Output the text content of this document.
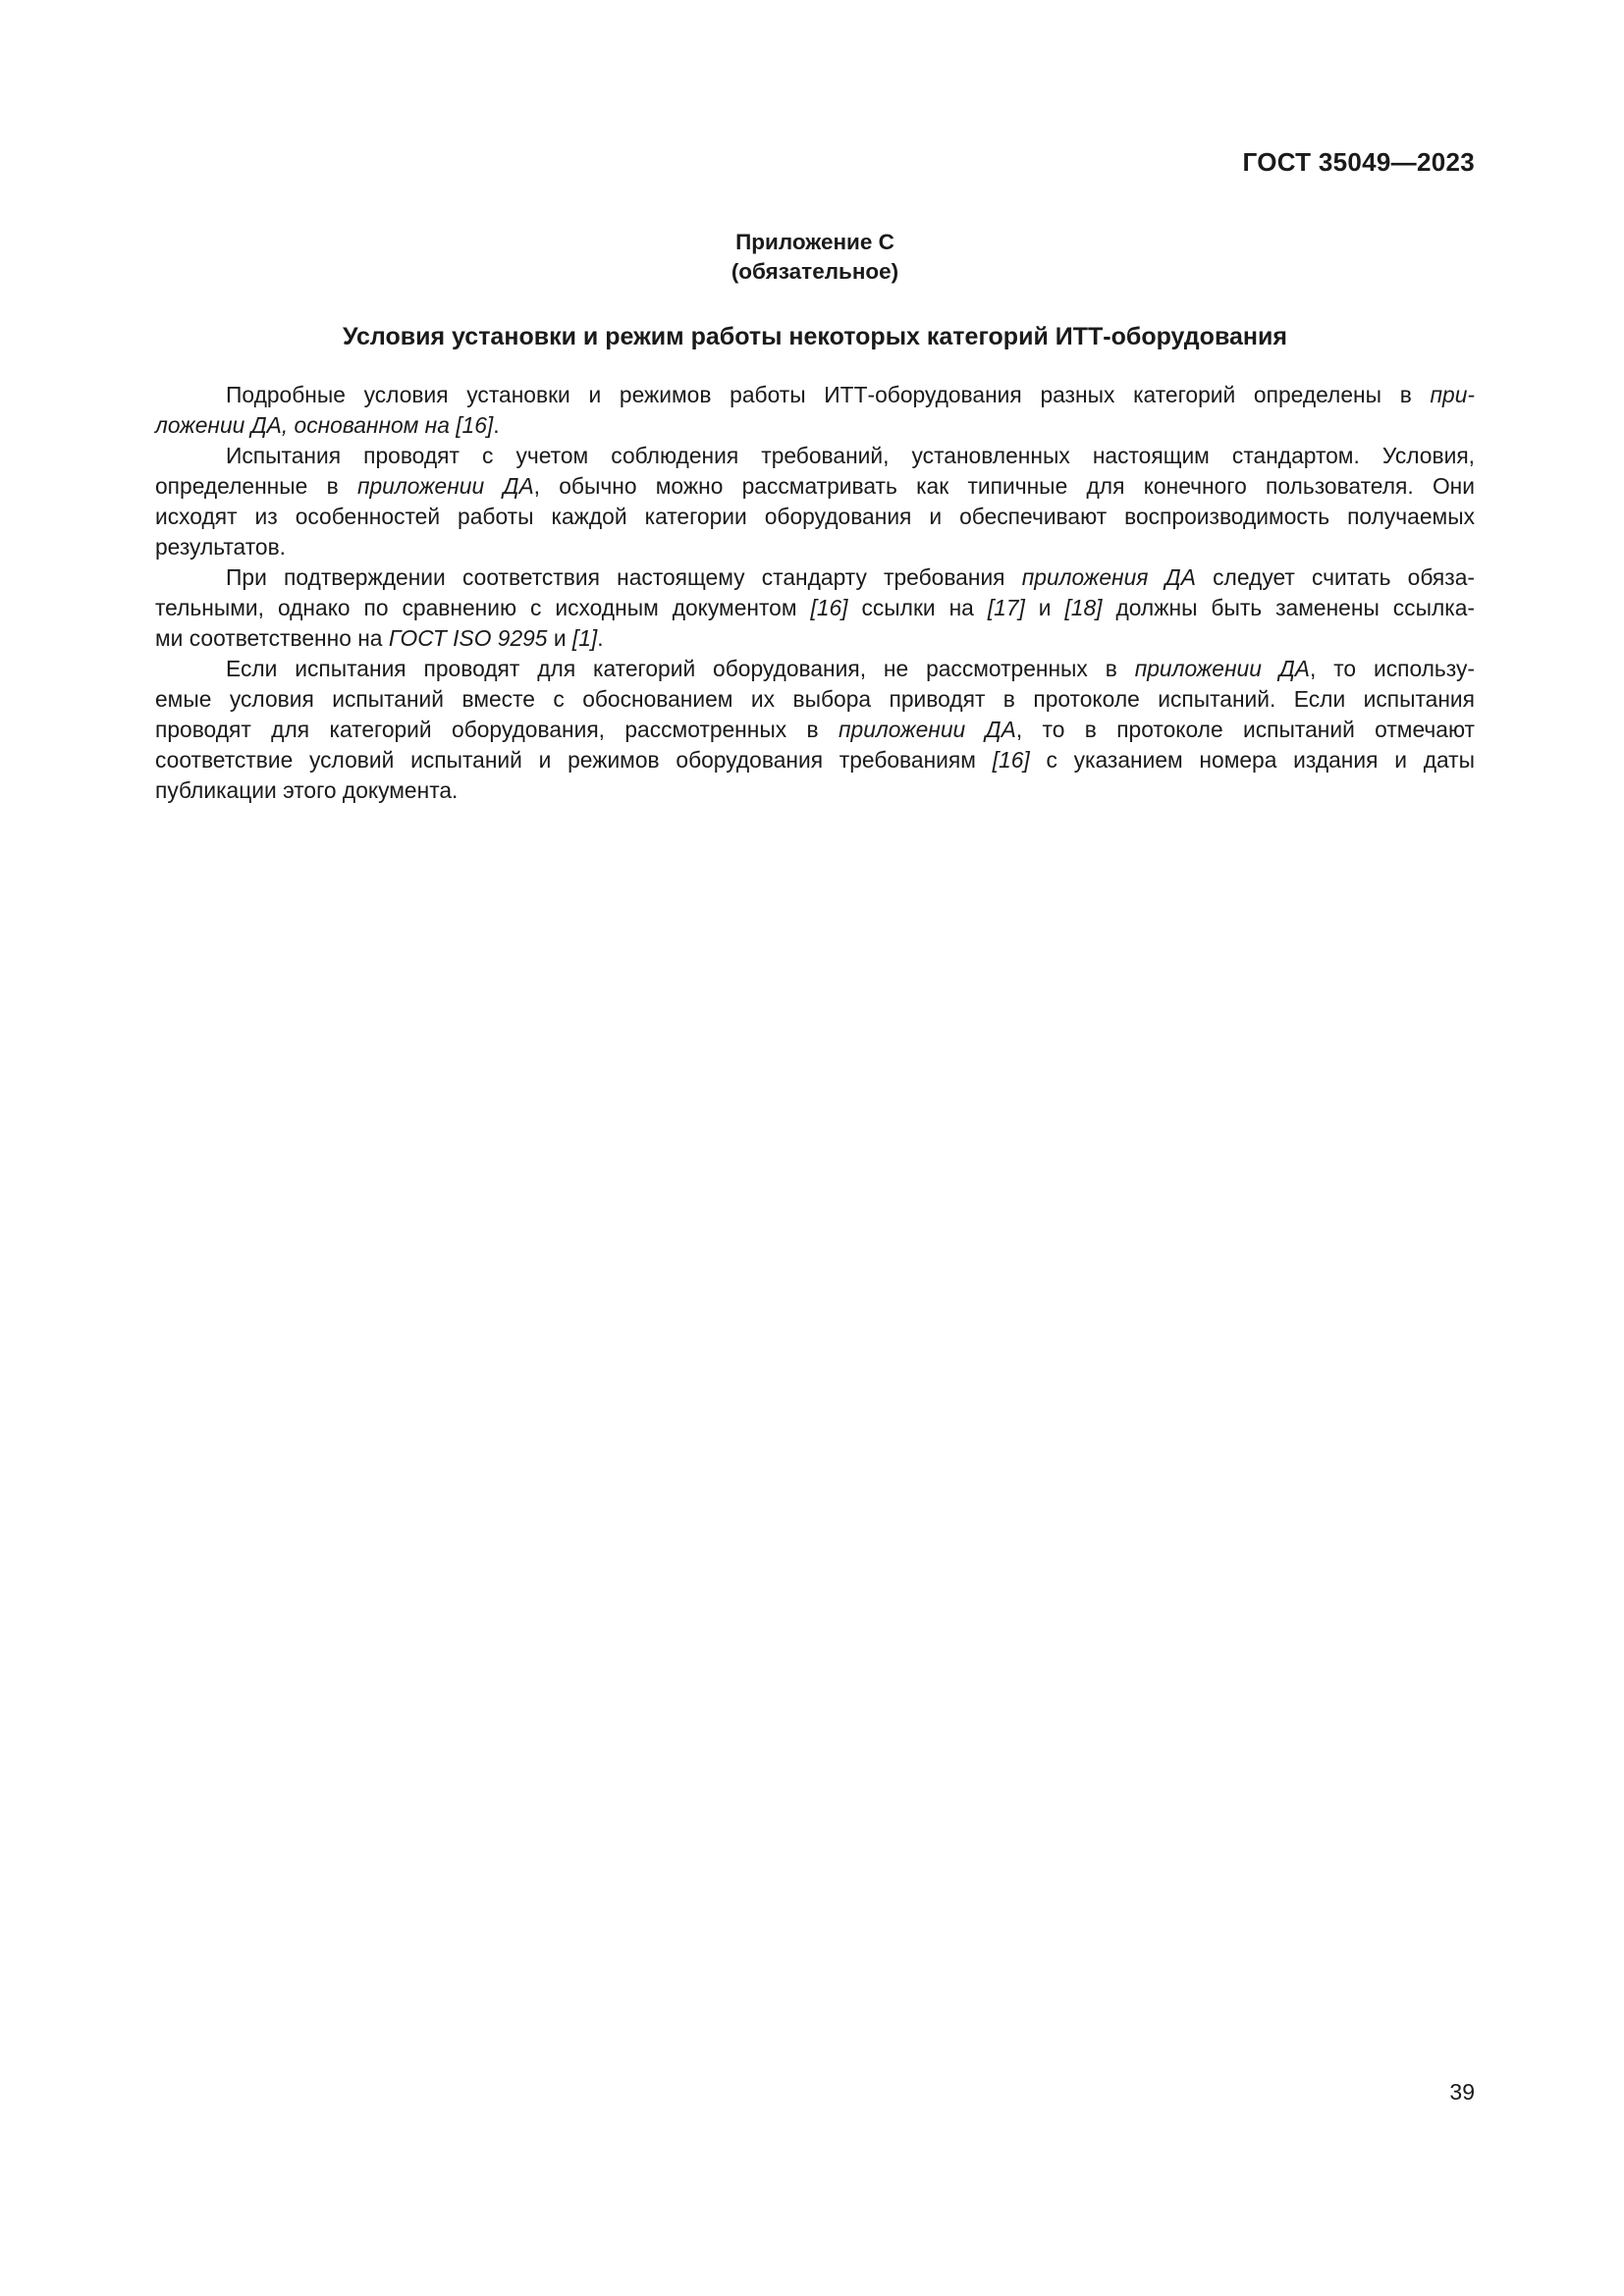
ГОСТ 35049—2023
Приложение С
(обязательное)
Условия установки и режим работы некоторых категорий ИТТ-оборудования
Подробные условия установки и режимов работы ИТТ-оборудования разных категорий определены в при-
ложении ДА, основанном на [16].
Испытания проводят с учетом соблюдения требований, установленных настоящим стандартом. Условия,
определенные в приложении ДА, обычно можно рассматривать как типичные для конечного пользователя. Они
исходят из особенностей работы каждой категории оборудования и обеспечивают воспроизводимость получаемых
результатов.
При подтверждении соответствия настоящему стандарту требования приложения ДА следует считать обяза-
тельными, однако по сравнению с исходным документом [16] ссылки на [17] и [18] должны быть заменены ссылка-
ми соответственно на ГОСТ ISO 9295 и [1].
Если испытания проводят для категорий оборудования, не рассмотренных в приложении ДА, то использу-
емые условия испытаний вместе с обоснованием их выбора приводят в протоколе испытаний. Если испытания
проводят для категорий оборудования, рассмотренных в приложении ДА, то в протоколе испытаний отмечают
соответствие условий испытаний и режимов оборудования требованиям [16] с указанием номера издания и даты
публикации этого документа.
39
